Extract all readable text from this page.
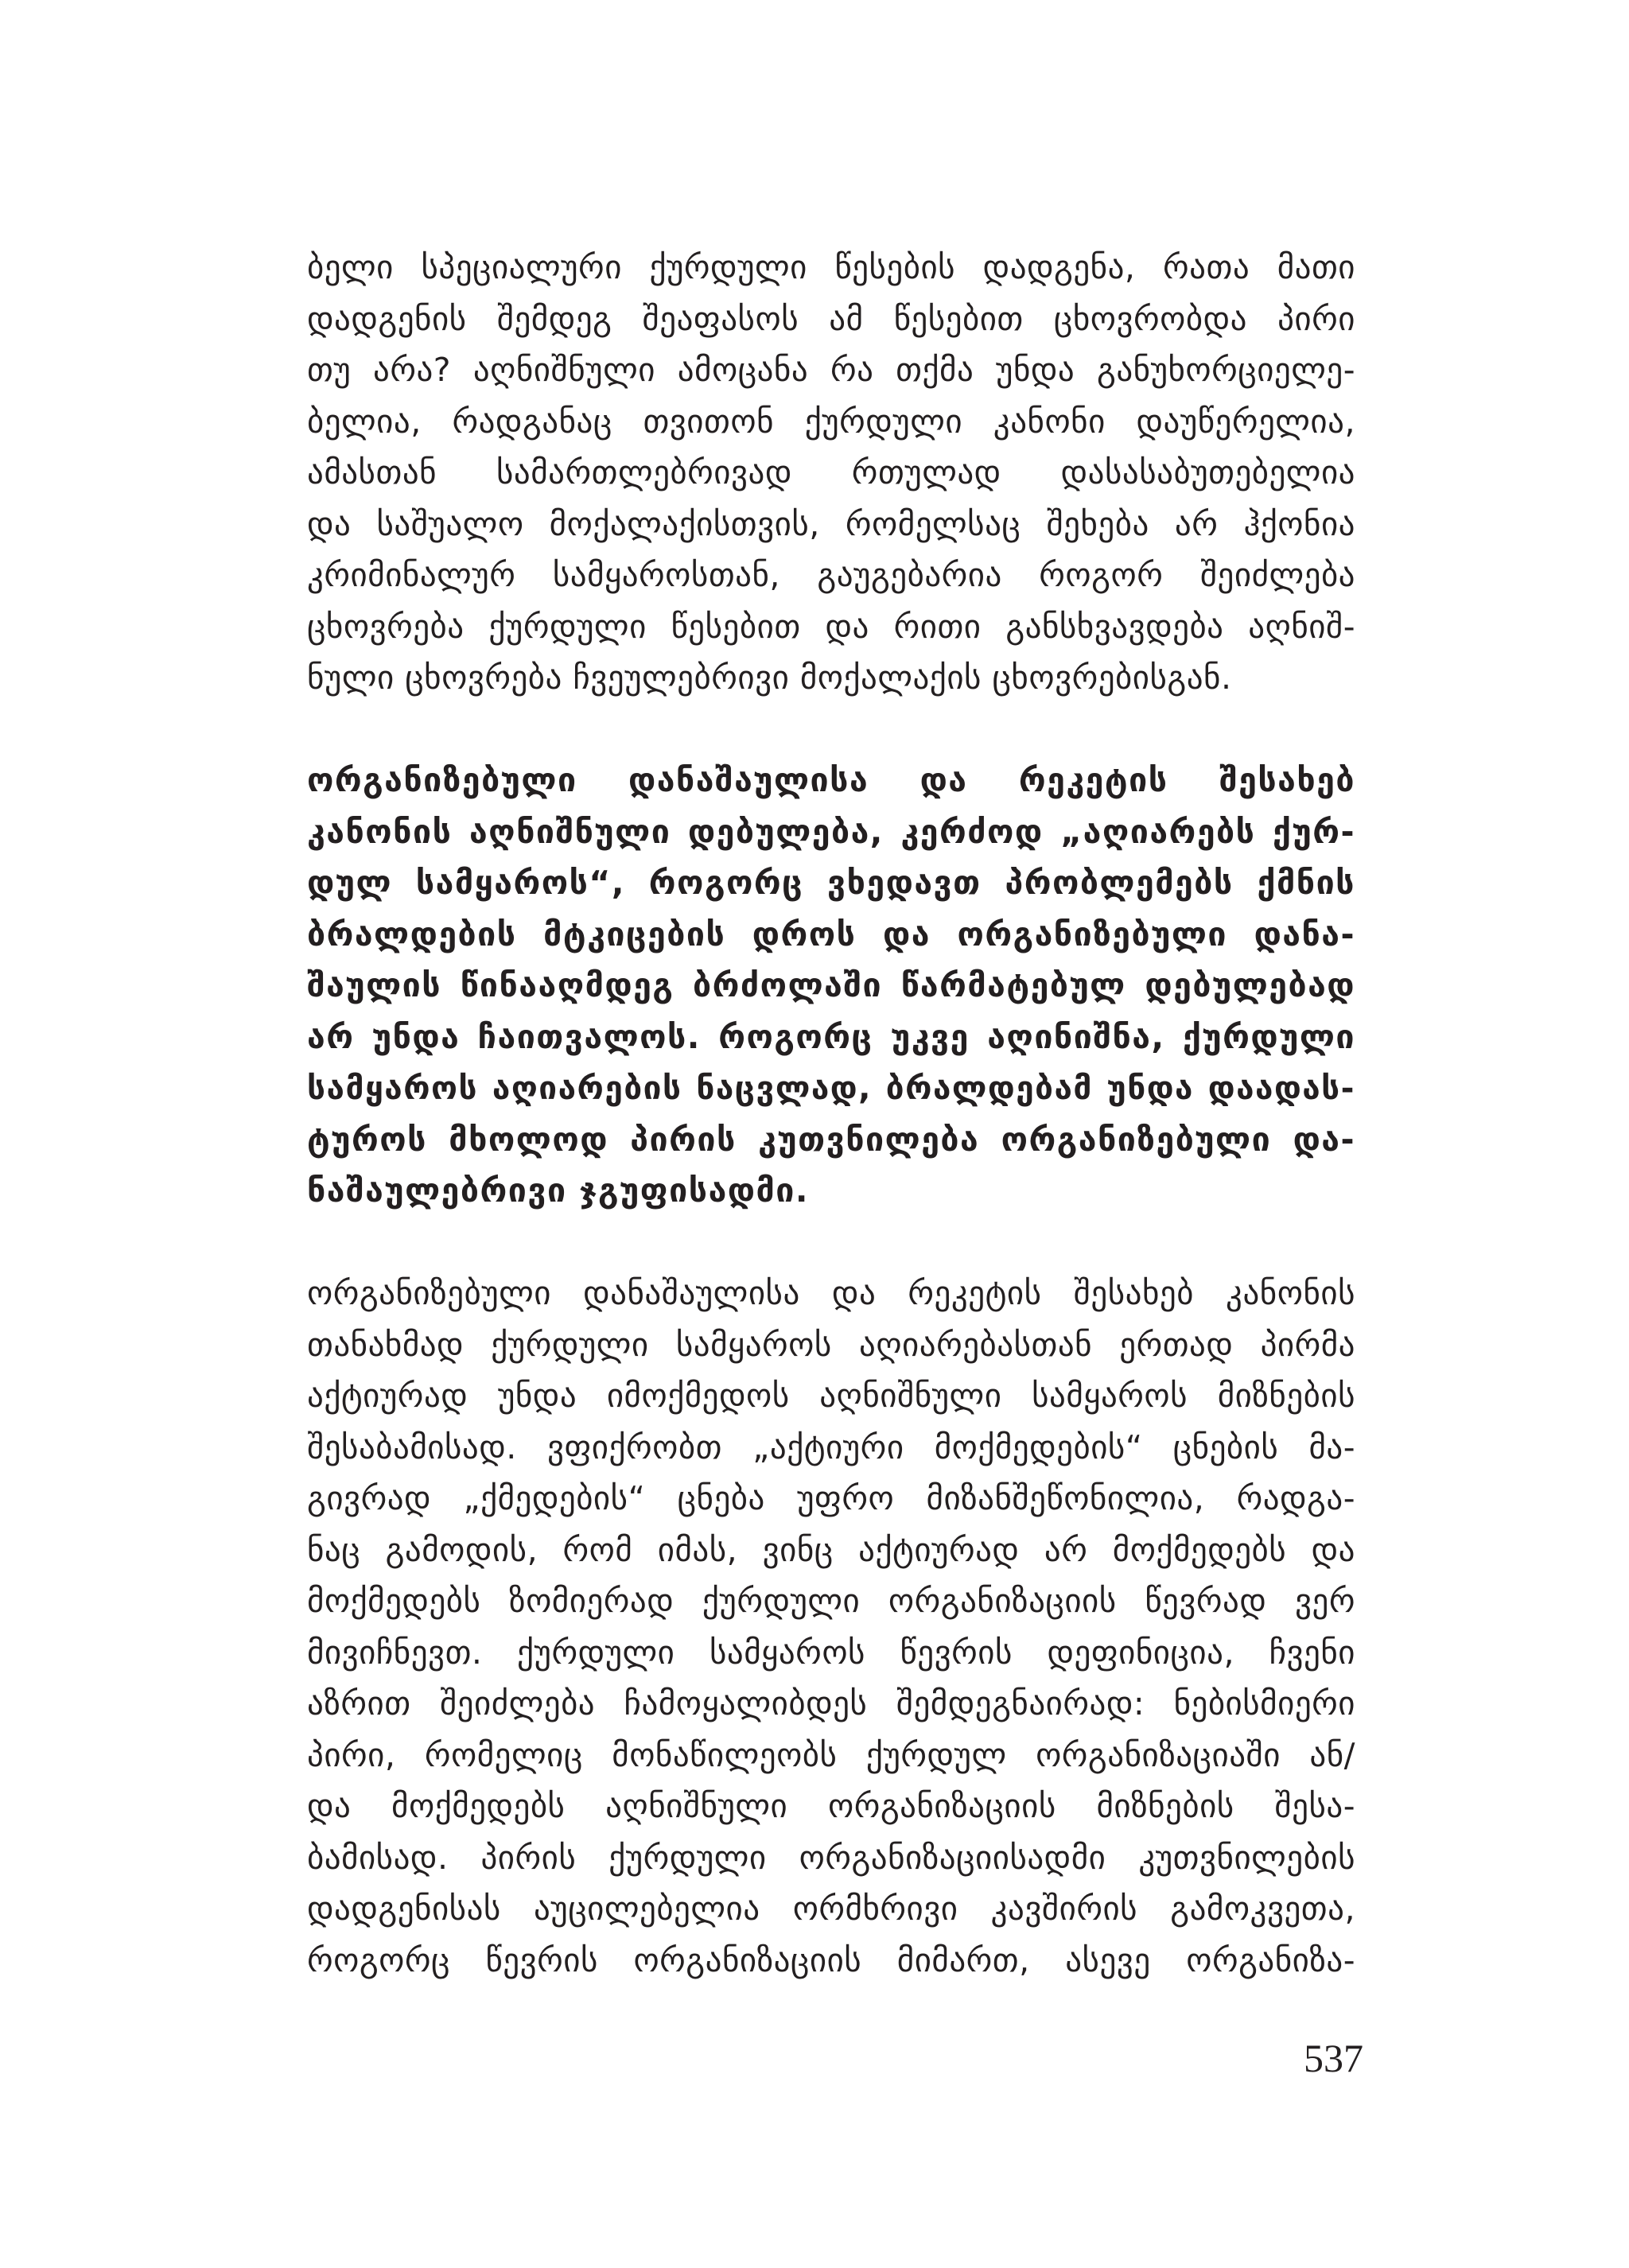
ბელი სპეციალური ქურდული წესების დადგენა, რათა მათი
დადგენის შემდეგ შეაფასოს ამ წესებით ცხოვრობდა პირი
თუ არა? აღნიშნული ამოცანა რა თქმა უნდა განუხორციელე-
ბელია, რადგანაც თვითონ ქურდული კანონი დაუწერელია,
ამასთან სამართლებრივად რთულად დასასაბუთებელია
და საშუალო მოქალაქისთვის, რომელსაც შეხება არ ჰქონია
კრიმინალურ სამყაროსთან, გაუგებარია როგორ შეიძლება
ცხოვრება ქურდული წესებით და რითი განსხვავდება აღნიშ-
ნული ცხოვრება ჩვეულებრივი მოქალაქის ცხოვრებისგან.
ორგანიზებული დანაშაულისა და რეკეტის შესახებ
კანონის აღნიშნული დებულება, კერძოდ „აღიარებს ქურ-
დულ სამყაროს“, როგორც ვხედავთ პრობლემებს ქმნის
ბრალდების მტკიცების დროს და ორგანიზებული დანა-
შაულის წინააღმდეგ ბრძოლაში წარმატებულ დებულებად
არ უნდა ჩაითვალოს. როგორც უკვე აღინიშნა, ქურდული
სამყაროს აღიარების ნაცვლად, ბრალდებამ უნდა დაადას-
ტუროს მხოლოდ პირის კუთვნილება ორგანიზებული და-
ნაშაულებრივი ჯგუფისადმი.
ორგანიზებული დანაშაულისა და რეკეტის შესახებ კანონის
თანახმად ქურდული სამყაროს აღიარებასთან ერთად პირმა
აქტიურად უნდა იმოქმედოს აღნიშნული სამყაროს მიზნების
შესაბამისად. ვფიქრობთ „აქტიური მოქმედების“ ცნების მა-
გივრად „ქმედების“ ცნება უფრო მიზანშეწონილია, რადგა-
ნაც გამოდის, რომ იმას, ვინც აქტიურად არ მოქმედებს და
მოქმედებს ზომიერად ქურდული ორგანიზაციის წევრად ვერ
მივიჩნევთ. ქურდული სამყაროს წევრის დეფინიცია, ჩვენი
აზრით შეიძლება ჩამოყალიბდეს შემდეგნაირად: ნებისმიერი
პირი, რომელიც მონაწილეობს ქურდულ ორგანიზაციაში ან/
და მოქმედებს აღნიშნული ორგანიზაციის მიზნების შესა-
ბამისად. პირის ქურდული ორგანიზაციისადმი კუთვნილების
დადგენისას აუცილებელია ორმხრივი კავშირის გამოკვეთა,
როგორც წევრის ორგანიზაციის მიმართ, ასევე ორგანიზა-
537
